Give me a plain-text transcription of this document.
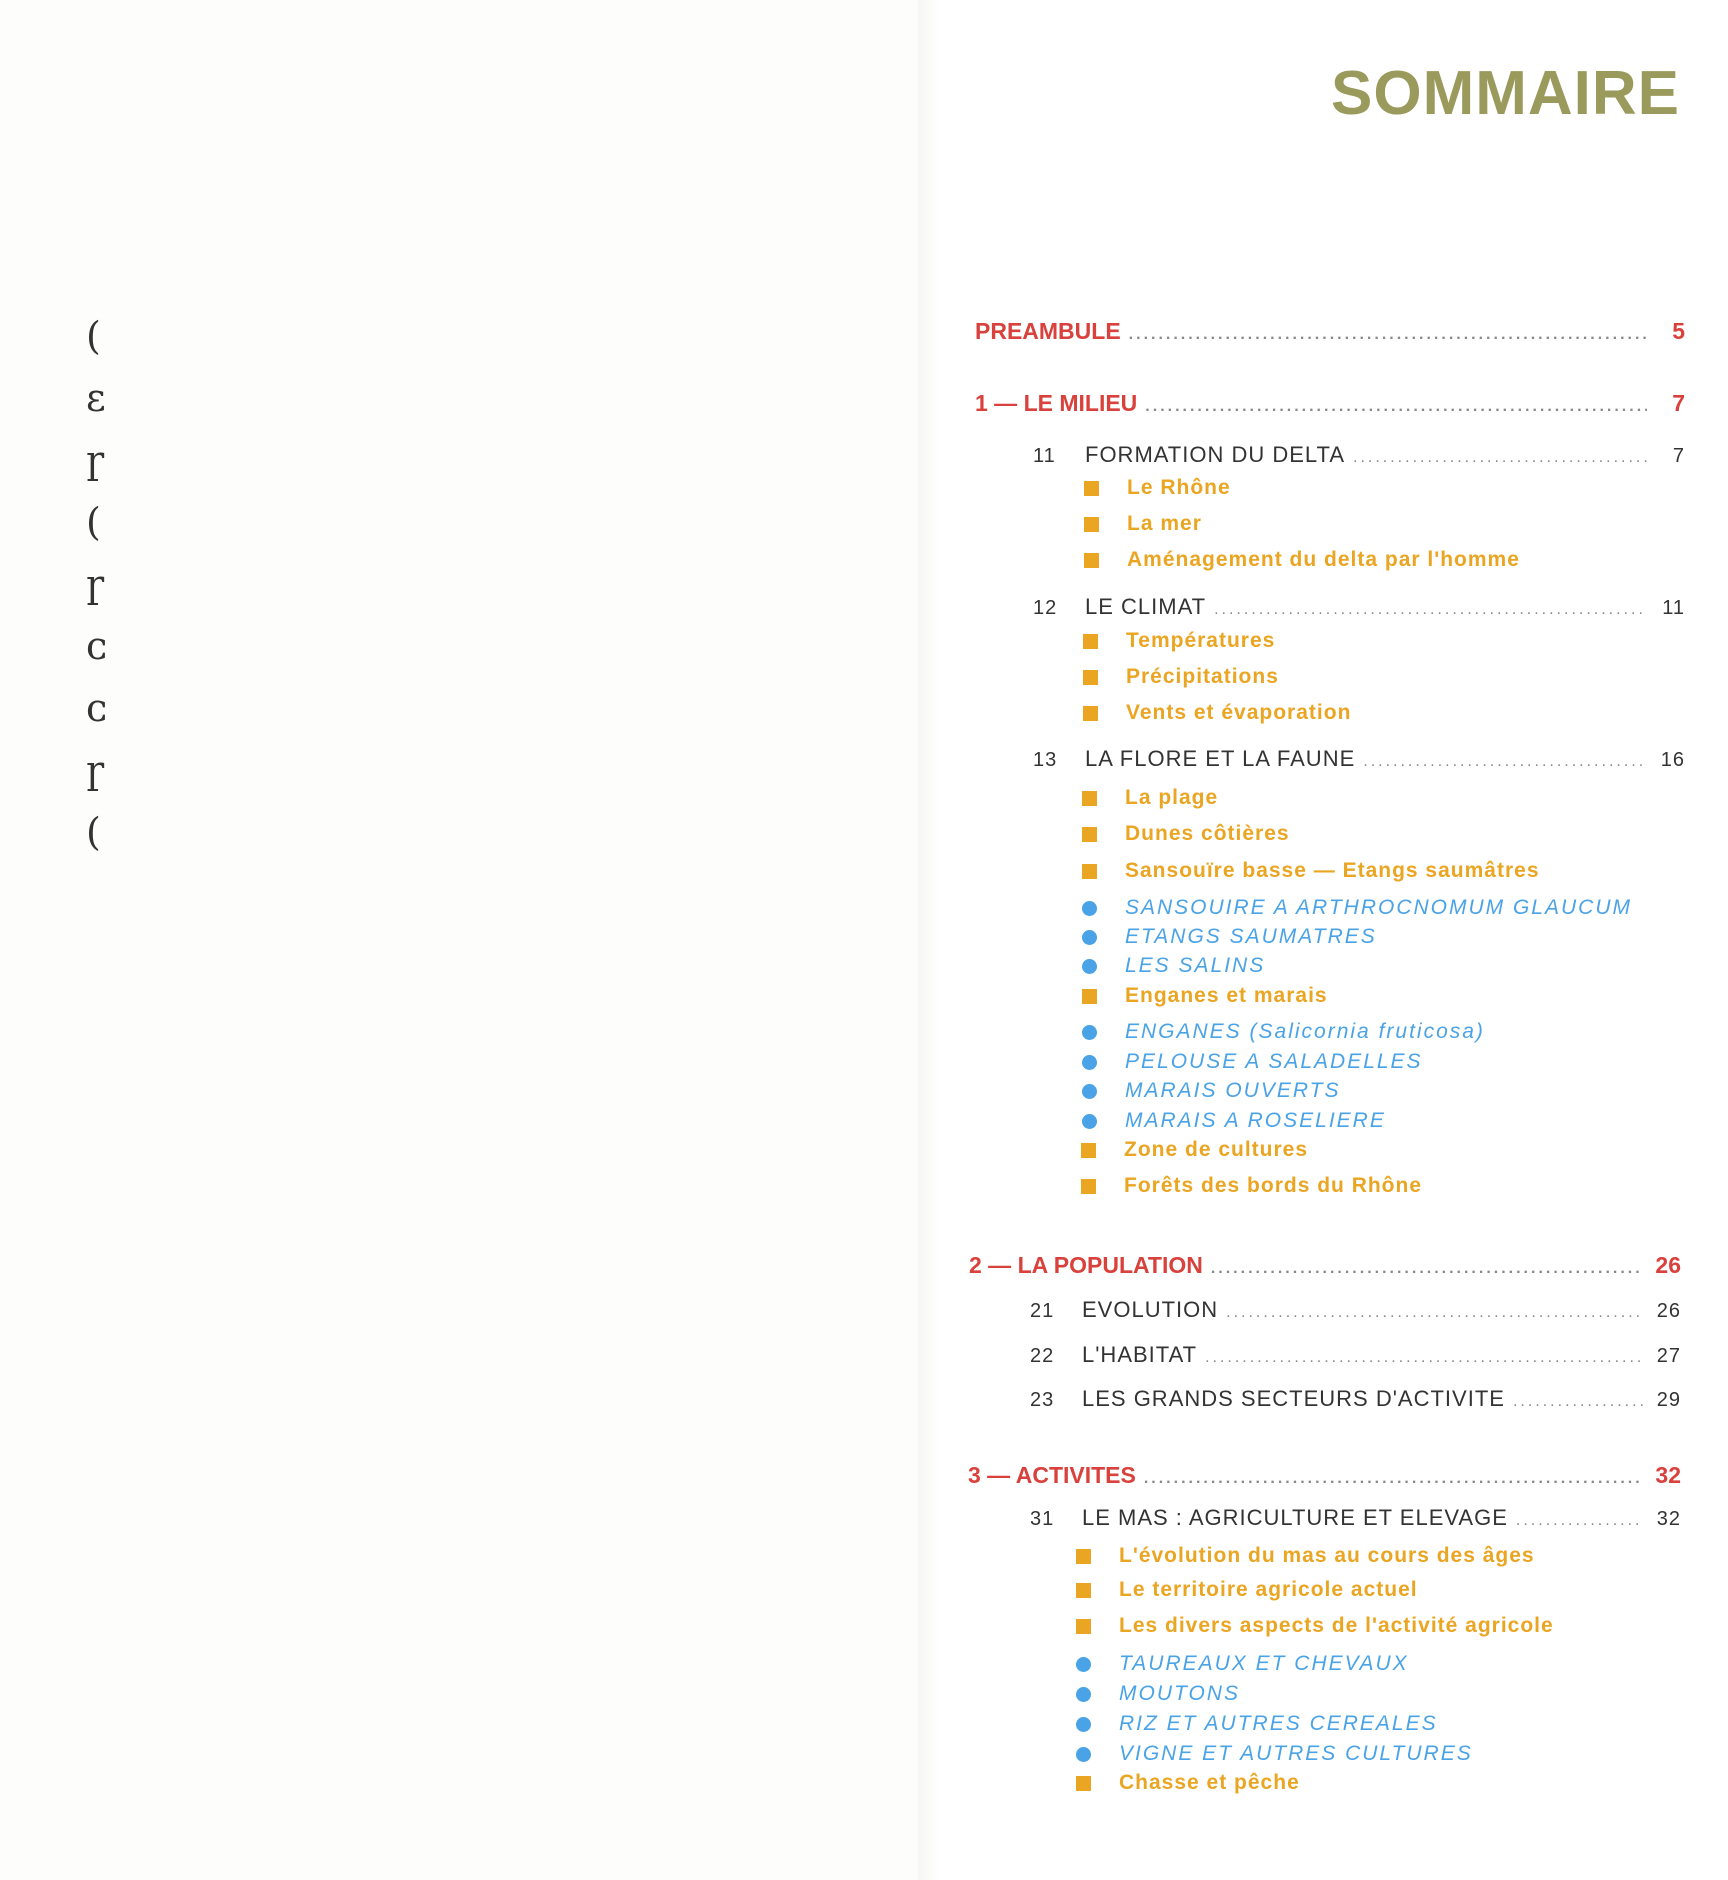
(
ɛ
ɼ
(
ɼ
ᴄ
ᴄ
ɼ
(
SOMMAIRE
PREAMBULE .....	5
1 — LE MILIEU .....	7
11	FORMATION DU DELTA .....	7
Le Rhône
La mer
Aménagement du delta par l'homme
12	LE CLIMAT .....	11
Températures
Précipitations
Vents et évaporation
13	LA FLORE ET LA FAUNE .....	16
La plage
Dunes côtières
Sansouïre basse — Etangs saumâtres
SANSOUIRE A ARTHROCNOMUM GLAUCUM
ETANGS SAUMATRES
LES SALINS
Enganes et marais
ENGANES (Salicornia fruticosa)
PELOUSE A SALADELLES
MARAIS OUVERTS
MARAIS A ROSELIERE
Zone de cultures
Forêts des bords du Rhône
2 — LA POPULATION .....	26
21	EVOLUTION .....	26
22	L'HABITAT .....	27
23	LES GRANDS SECTEURS D'ACTIVITE .....	29
3 — ACTIVITES .....	32
31	LE MAS : AGRICULTURE ET ELEVAGE .....	32
L'évolution du mas au cours des âges
Le territoire agricole actuel
Les divers aspects de l'activité agricole
TAUREAUX ET CHEVAUX
MOUTONS
RIZ ET AUTRES CEREALES
VIGNE ET AUTRES CULTURES
Chasse et pêche
